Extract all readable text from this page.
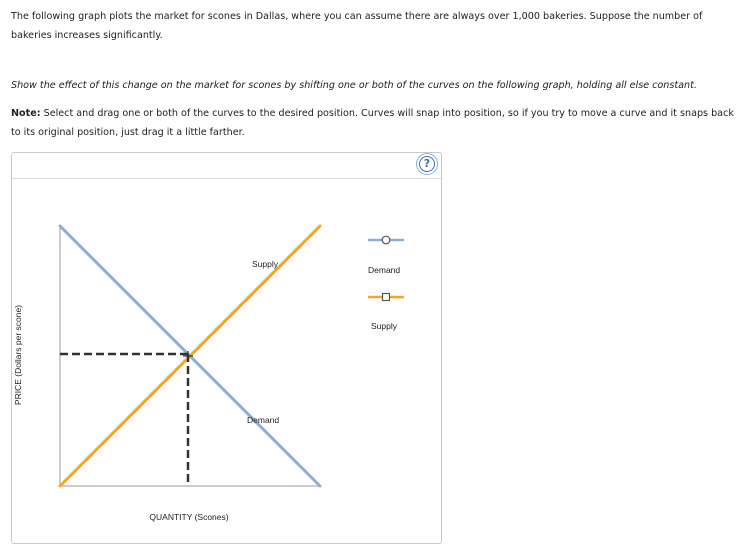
The following graph plots the market for scones in Dallas, where you can assume there are always over 1,000 bakeries. Suppose the number of bakeries increases significantly.

Show the effect of this change on the market for scones by shifting one or both of the curves on the following graph, holding all else constant.

Note: Select and drag one or both of the curves to the desired position. Curves will snap into position, so if you try to move a curve and it snaps back to its original position, just drag it a little farther.

?
PRICE (Dollars per scone)
QUANTITY (Scones)
Supply
Demand
Demand
Supply
